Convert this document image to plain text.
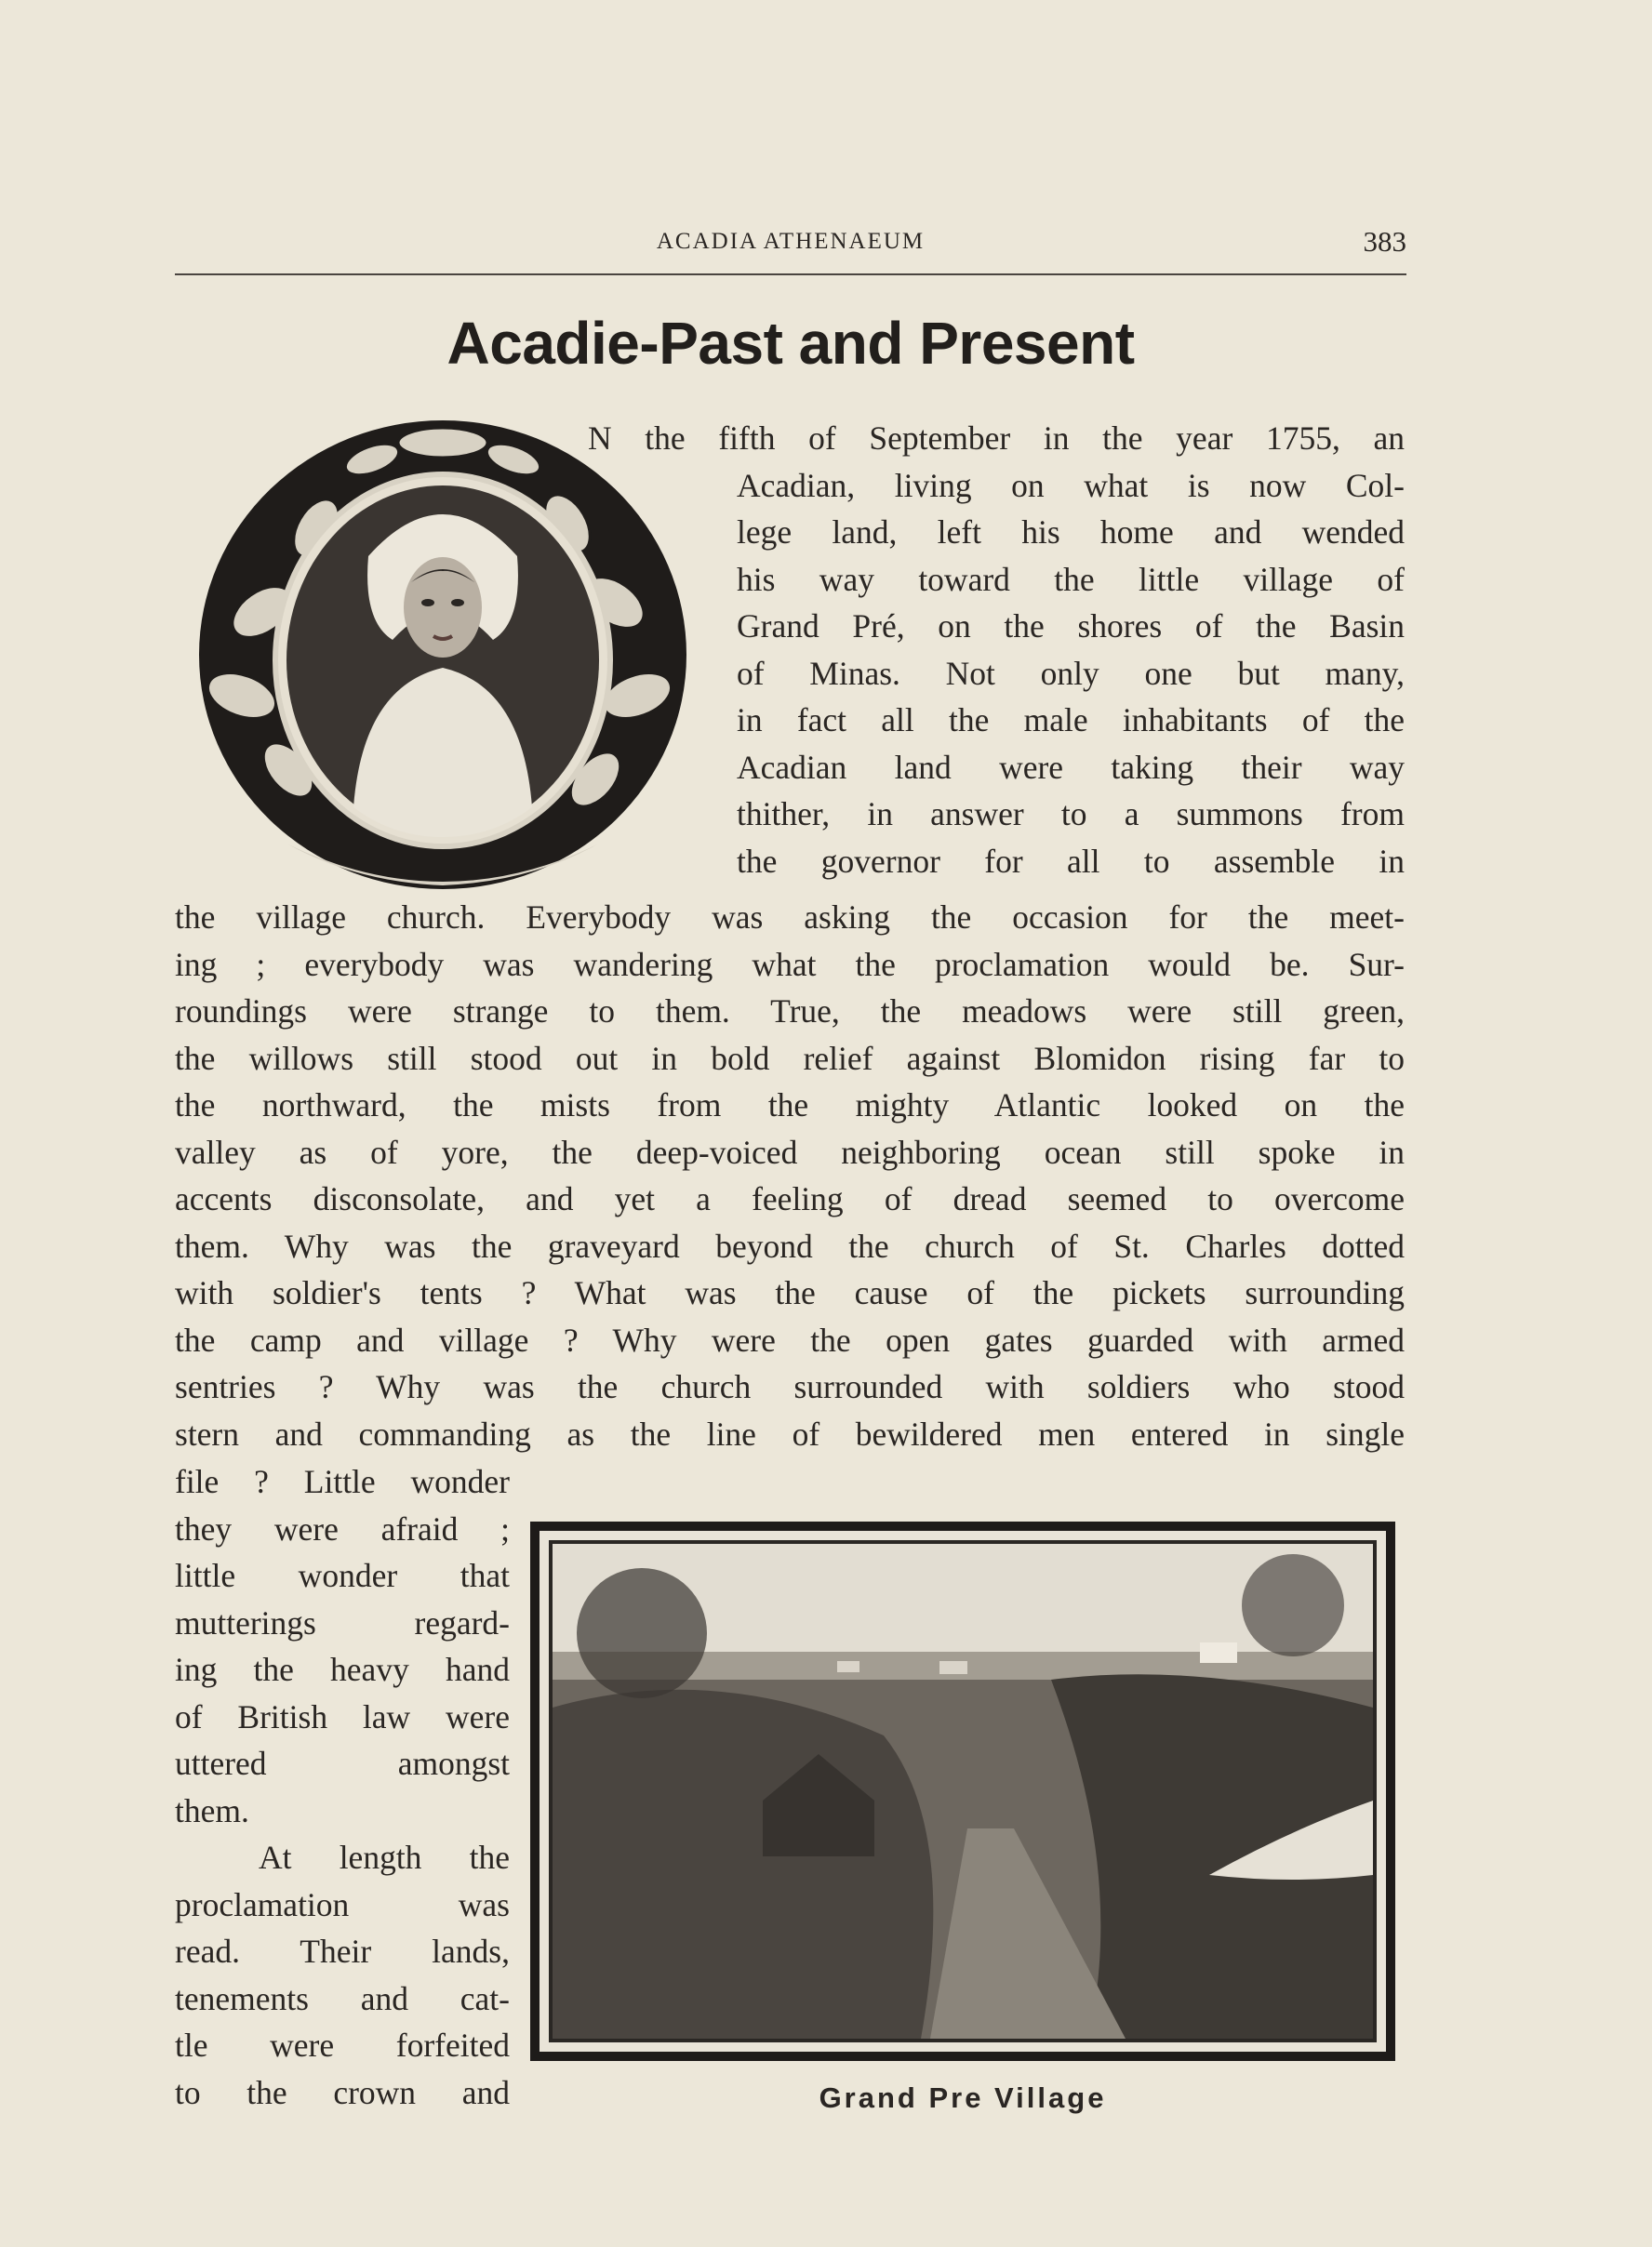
ACADIA ATHENAEUM	383
Acadie-Past and Present
N the fifth of September in the year 1755, an
Acadian, living on what is now Col-
lege land, left his home and wended
his way toward the little village of
Grand Pré, on the shores of the Basin
of Minas. Not only one but many,
in fact all the male inhabitants of the
Acadian land were taking their way
thither, in answer to a summons from
the governor for all to assemble in
the village church. Everybody was asking the occasion for the meet-
ing ; everybody was wandering what the proclamation would be. Sur-
roundings were strange to them. True, the meadows were still green,
the willows still stood out in bold relief against Blomidon rising far to
the northward, the mists from the mighty Atlantic looked on the
valley as of yore, the deep-voiced neighboring ocean still spoke in
accents disconsolate, and yet a feeling of dread seemed to overcome
them. Why was the graveyard beyond the church of St. Charles dotted
with soldier's tents ? What was the cause of the pickets surrounding
the camp and village ? Why were the open gates guarded with armed
sentries ? Why was the church surrounded with soldiers who stood
stern and commanding as the line of bewildered men entered in single
file ? Little wonder
they were afraid ;
little wonder that
mutterings regard-
ing the heavy hand
of British law were
uttered amongst
them.
At length the
proclamation was
read. Their lands,
tenements and cat-
tle were forfeited
to the crown and	Grand Pre Village
